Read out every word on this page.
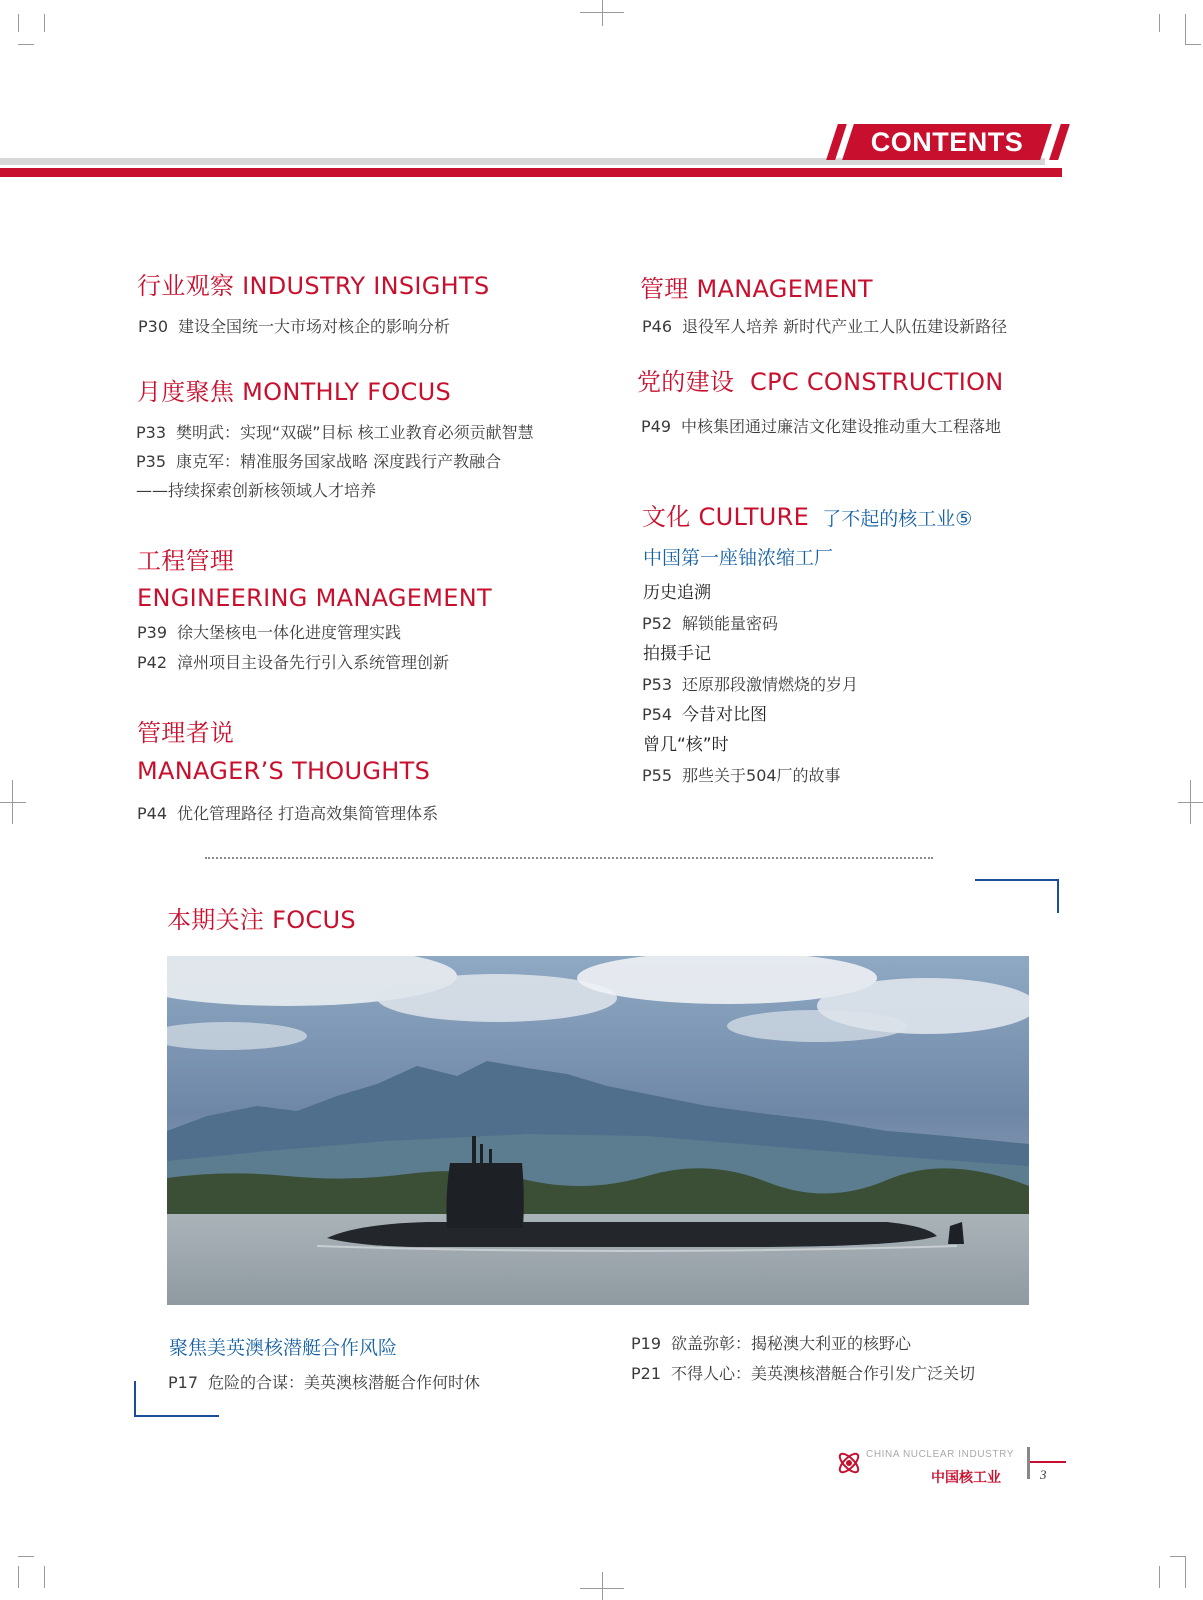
CONTENTS
行业观察 INDUSTRY INSIGHTS
P30 建设全国统一大市场对核企的影响分析
月度聚焦 MONTHLY FOCUS
P33 樊明武：实现“双碳”目标 核工业教育必须贡献智慧
P35 康克军：精准服务国家战略 深度践行产教融合
——持续探索创新核领域人才培养
工程管理
ENGINEERING MANAGEMENT
P39 徐大堡核电一体化进度管理实践
P42 漳州项目主设备先行引入系统管理创新
管理者说
MANAGER’S THOUGHTS
P44 优化管理路径 打造高效集简管理体系
管理 MANAGEMENT
P46 退役军人培养 新时代产业工人队伍建设新路径
党的建设  CPC CONSTRUCTION
P49 中核集团通过廉洁文化建设推动重大工程落地
文化 CULTURE 了不起的核工业⑤
中国第一座铀浓缩工厂
历史追溯
P52 解锁能量密码
拍摄手记
P53 还原那段激情燃烧的岁月
P54 今昔对比图
曾几“核”时
P55 那些关于504厂的故事
本期关注 FOCUS
聚焦美英澳核潜艇合作风险
P17 危险的合谋：美英澳核潜艇合作何时休
P19 欲盖弥彰：揭秘澳大利亚的核野心
P21 不得人心：美英澳核潜艇合作引发广泛关切
CHINA NUCLEAR INDUSTRY
中国核工业	3
